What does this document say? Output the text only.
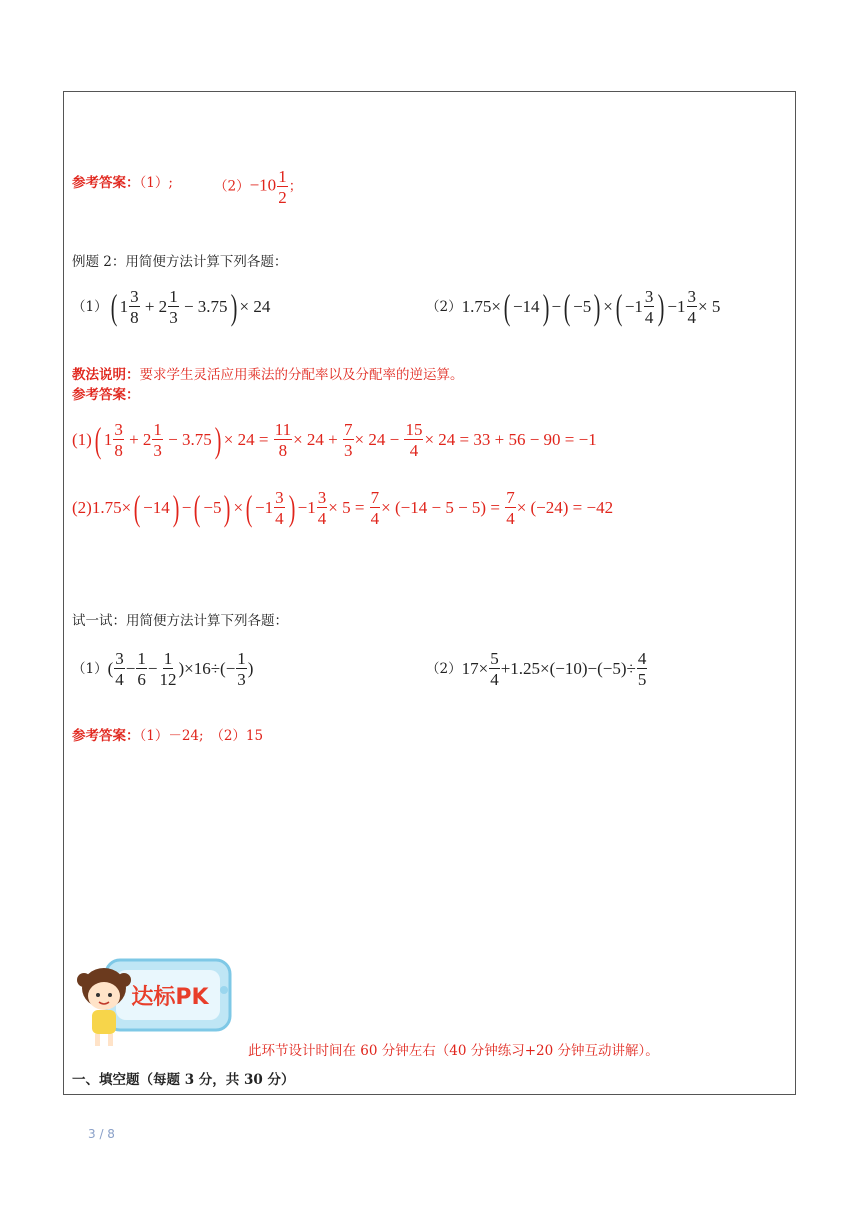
参考答案：（1）;	$(2)-10 \frac{1}{2}$ ；
例题 2：用简便方法计算下列各题：
（1） ( $1 \frac{3}{8} + 2 \frac{1}{3} - 3.75$ ) × 24	（2） 1.75× ( −14 ) − ( −5 ) × ( $-1 \frac{3}{4}$ ) $-1 \frac{3}{4} \times 5$
教法说明：要求学生灵活应用乘法的分配率以及分配率的逆运算。
参考答案：
(1) ( $1 \frac{3}{8} + 2 \frac{1}{3} - 3.75$ ) × $24 = \frac{11}{8} \times 24 + \frac{7}{3} \times 24 - \frac{15}{4} \times 24 = 33 + 56 - 90 = -1$
(2)1.75× ( −14 ) − ( −5 ) × ( $-1 \frac{3}{4}$ ) $-1 \frac{3}{4} \times 5 = \frac{7}{4} \times (-14 - 5 - 5) = \frac{7}{4} \times (-24) = -42$
试一试：用简便方法计算下列各题：
（1） ( $\frac{3}{4} - \frac{1}{6} - \frac{1}{12} )\times 16\div(- \frac{1}{3}$ )	（2） $17\times \frac{5}{4} +1.25\times(-10)-(-5)\div \frac{4}{5}$
参考答案：（1）－24;　（2）15
达标PK
此环节设计时间在 60 分钟左右（40 分钟练习+20 分钟互动讲解）。
一、填空题（每题 3 分，共 30 分）
3 / 8
